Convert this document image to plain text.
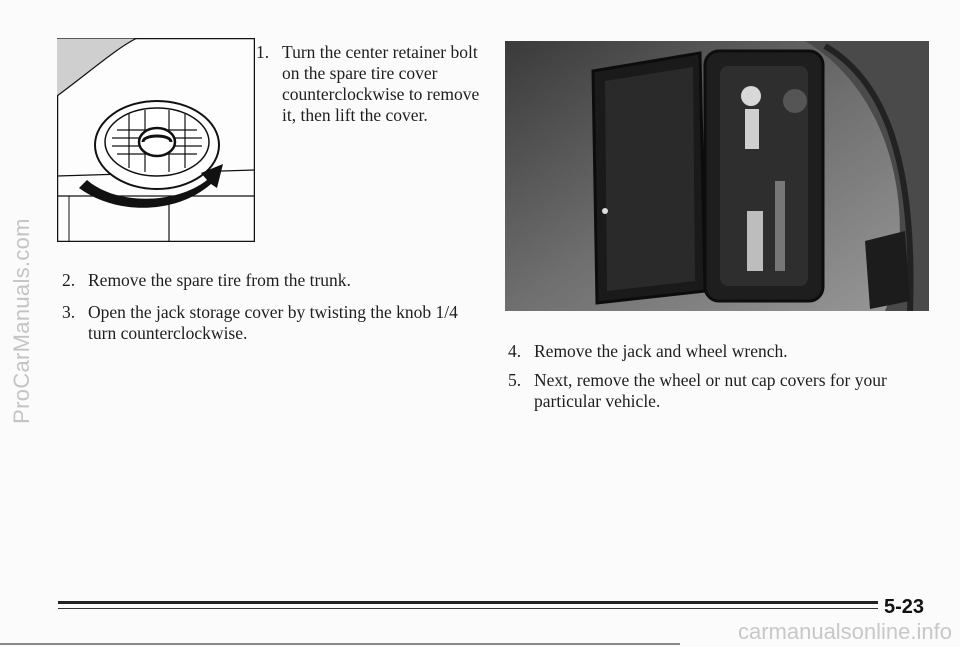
ProCarManuals.com
1. Turn the center retainer bolt on the spare tire cover counterclockwise to remove it, then lift the cover.
2. Remove the spare tire from the trunk.
3. Open the jack storage cover by twisting the knob 1/4 turn counterclockwise.
4. Remove the jack and wheel wrench.
5. Next, remove the wheel or nut cap covers for your particular vehicle.
5-23
carmanualsonline.info
